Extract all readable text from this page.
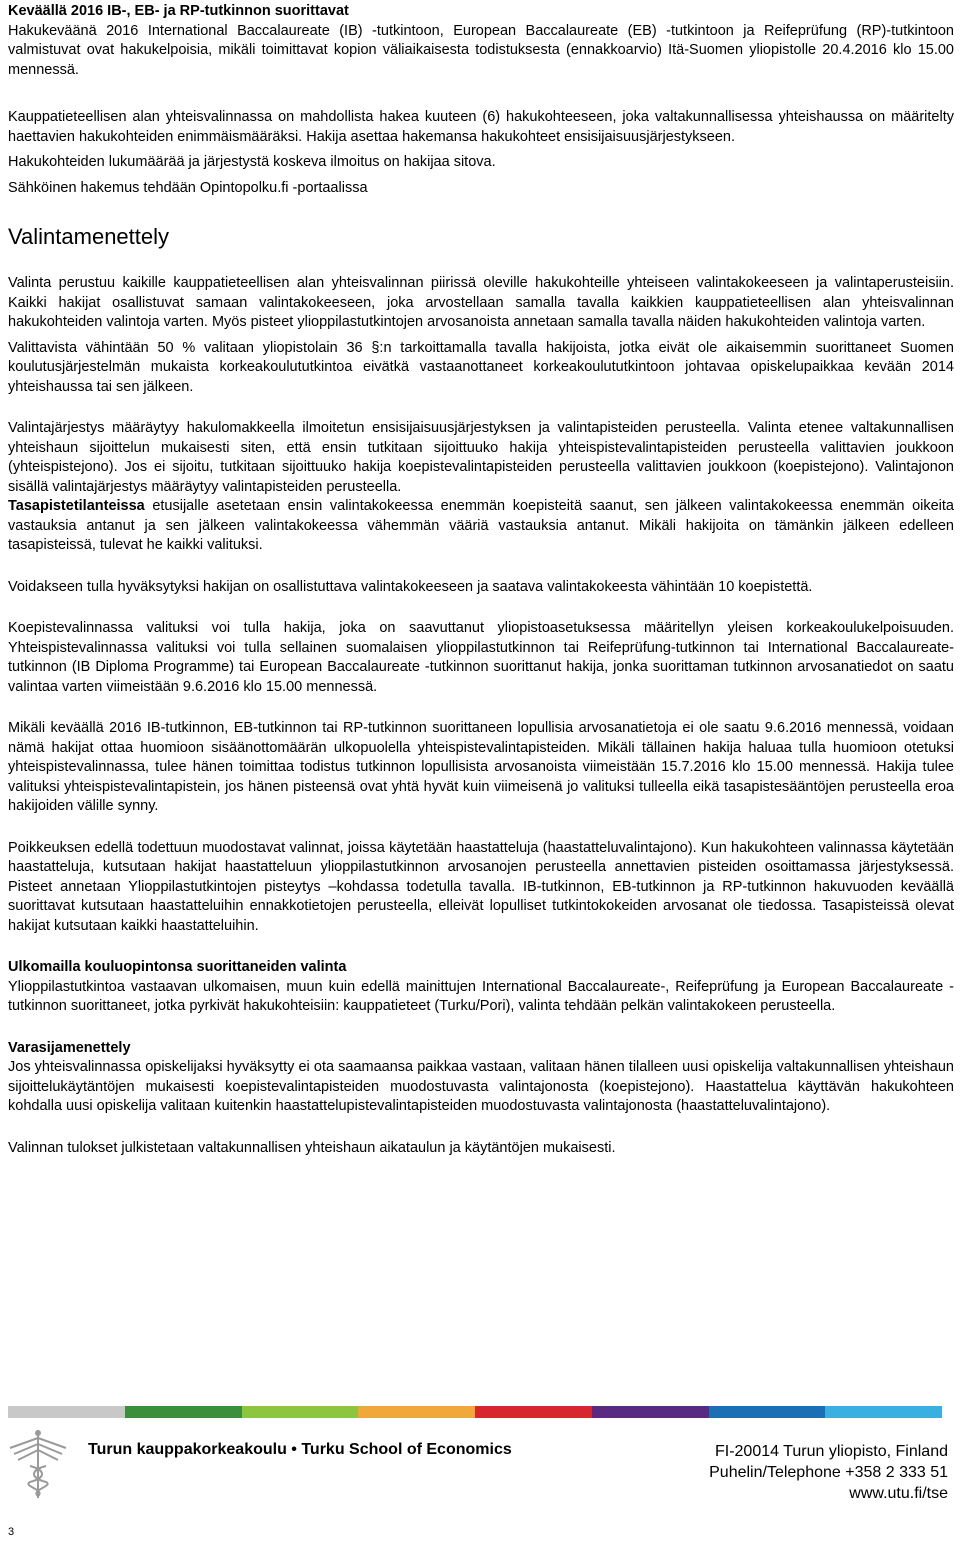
Keväällä 2016 IB-, EB- ja RP-tutkinnon suorittavat

Hakukeväänä 2016 International Baccalaureate (IB) -tutkintoon, European Baccalaureate (EB) -tutkintoon ja Reifeprüfung (RP)-tutkintoon valmistuvat ovat hakukelpoisia, mikäli toimittavat kopion väliaikaisesta todistuksesta (ennakkoarvio) Itä-Suomen yliopistolle 20.4.2016 klo 15.00 mennessä.

Kauppatieteellisen alan yhteisvalinnassa on mahdollista hakea kuuteen (6) hakukohteeseen, joka valtakunnallisessa yhteishaussa on määritelty haettavien hakukohteiden enimmäismääräksi. Hakija asettaa hakemansa hakukohteet ensisijaisuusjärjestykseen.

Hakukohteiden lukumäärää ja järjestystä koskeva ilmoitus on hakijaa sitova.

Sähköinen hakemus tehdään Opintopolku.fi -portaalissa

Valintamenettely

Valinta perustuu kaikille kauppatieteellisen alan yhteisvalinnan piirissä oleville hakukohteille yhteiseen valintakokeeseen ja valintaperusteisiin. Kaikki hakijat osallistuvat samaan valintakokeeseen, joka arvostellaan samalla tavalla kaikkien kauppatieteellisen alan yhteisvalinnan hakukohteiden valintoja varten. Myös pisteet ylioppilastutkintojen arvosanoista annetaan samalla tavalla näiden hakukohteiden valintoja varten.

Valittavista vähintään 50 % valitaan yliopistolain 36 §:n tarkoittamalla tavalla hakijoista, jotka eivät ole aikaisemmin suorittaneet Suomen koulutusjärjestelmän mukaista korkeakoulututkintoa eivätkä vastaanottaneet korkeakoulututkintoon johtavaa opiskelupaikkaa kevään 2014 yhteishaussa tai sen jälkeen.

Valintajärjestys määräytyy hakulomakkeella ilmoitetun ensisijaisuusjärjestyksen ja valintapisteiden perusteella. Valinta etenee valtakunnallisen yhteishaun sijoittelun mukaisesti siten, että ensin tutkitaan sijoittuuko hakija yhteispistevalintapisteiden perusteella valittavien joukkoon (yhteispistejono). Jos ei sijoitu, tutkitaan sijoittuuko hakija koepistevalintapisteiden perusteella valittavien joukkoon (koepistejono). Valintajonon sisällä valintajärjestys määräytyy valintapisteiden perusteella.

Tasapistetilanteissa etusijalle asetetaan ensin valintakokeessa enemmän koepisteitä saanut, sen jälkeen valintakokeessa enemmän oikeita vastauksia antanut ja sen jälkeen valintakokeessa vähemmän vääriä vastauksia antanut. Mikäli hakijoita on tämänkin jälkeen edelleen tasapisteissä, tulevat he kaikki valituksi.

Voidakseen tulla hyväksytyksi hakijan on osallistuttava valintakokeeseen ja saatava valintakokeesta vähintään 10 koepistettä.

Koepistevalinnassa valituksi voi tulla hakija, joka on saavuttanut yliopistoasetuksessa määritellyn yleisen korkeakoulukelpoisuuden. Yhteispistevalinnassa valituksi voi tulla sellainen suomalaisen ylioppilastutkinnon tai Reifeprüfung-tutkinnon tai International Baccalaureate-tutkinnon (IB Diploma Programme) tai European Baccalaureate -tutkinnon suorittanut hakija, jonka suorittaman tutkinnon arvosanatiedot on saatu valintaa varten viimeistään 9.6.2016 klo 15.00 mennessä.

Mikäli keväällä 2016 IB-tutkinnon, EB-tutkinnon tai RP-tutkinnon suorittaneen lopullisia arvosanatietoja ei ole saatu 9.6.2016 mennessä, voidaan nämä hakijat ottaa huomioon sisäänottomäärän ulkopuolella yhteispistevalintapisteiden. Mikäli tällainen hakija haluaa tulla huomioon otetuksi yhteispistevalinnassa, tulee hänen toimittaa todistus tutkinnon lopullisista arvosanoista viimeistään 15.7.2016 klo 15.00 mennessä. Hakija tulee valituksi yhteispistevalintapistein, jos hänen pisteensä ovat yhtä hyvät kuin viimeisenä jo valituksi tulleella eikä tasapistesääntöjen perusteella eroa hakijoiden välille synny.

Poikkeuksen edellä todettuun muodostavat valinnat, joissa käytetään haastatteluja (haastatteluvalintajono). Kun hakukohteen valinnassa käytetään haastatteluja, kutsutaan hakijat haastatteluun ylioppilastutkinnon arvosanojen perusteella annettavien pisteiden osoittamassa järjestyksessä. Pisteet annetaan Ylioppilastutkintojen pisteytys –kohdassa todetulla tavalla. IB-tutkinnon, EB-tutkinnon ja RP-tutkinnon hakuvuoden keväällä suorittavat kutsutaan haastatteluihin ennakkotietojen perusteella, elleivät lopulliset tutkintokokeiden arvosanat ole tiedossa. Tasapisteissä olevat hakijat kutsutaan kaikki haastatteluihin.

Ulkomailla kouluopintonsa suorittaneiden valinta

Ylioppilastutkintoa vastaavan ulkomaisen, muun kuin edellä mainittujen International Baccalaureate-, Reifeprüfung ja European Baccalaureate -tutkinnon suorittaneet, jotka pyrkivät hakukohteisiin: kauppatieteet (Turku/Pori), valinta tehdään pelkän valintakokeen perusteella.

Varasijamenettely

Jos yhteisvalinnassa opiskelijaksi hyväksytty ei ota saamaansa paikkaa vastaan, valitaan hänen tilalleen uusi opiskelija valtakunnallisen yhteishaun sijoittelukäytäntöjen mukaisesti koepistevalintapisteiden muodostuvasta valintajonosta (koepistejono). Haastattelua käyttävän hakukohteen kohdalla uusi opiskelija valitaan kuitenkin haastattelupistevalintapisteiden muodostuvasta valintajonosta (haastatteluvalintajono).

Valinnan tulokset julkistetaan valtakunnallisen yhteishaun aikataulun ja käytäntöjen mukaisesti.

Turun kauppakorkeakoulu • Turku School of Economics	FI-20014 Turun yliopisto, Finland
Puhelin/Telephone +358 2 333 51
www.utu.fi/tse
3
